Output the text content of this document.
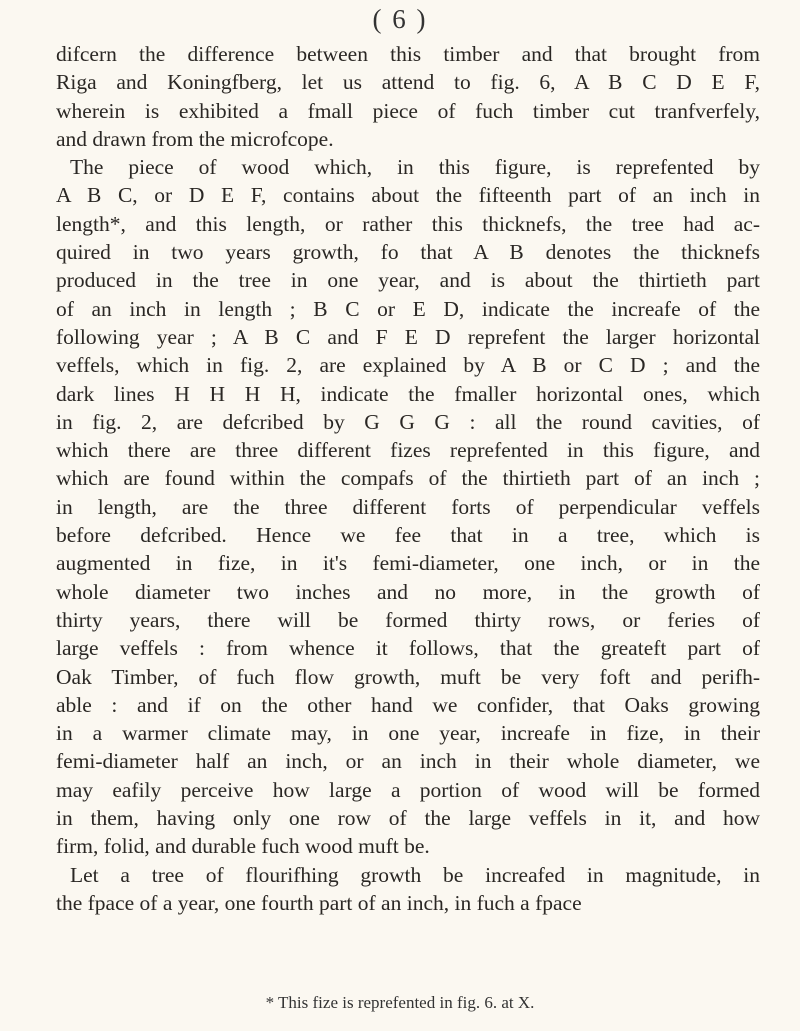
( 6 )
difcern the difference between this timber and that brought from
Riga and Koningfberg, let us attend to fig. 6, A B C D E F,
wherein is exhibited a fmall piece of fuch timber cut tranfverfely,
and drawn from the microfcope.
The piece of wood which, in this figure, is reprefented by
A B C, or D E F, contains about the fifteenth part of an inch in
length*, and this length, or rather this thicknefs, the tree had ac-
quired in two years growth, fo that A B denotes the thicknefs
produced in the tree in one year, and is about the thirtieth part
of an inch in length ; B C or E D, indicate the increafe of the
following year ; A B C and F E D reprefent the larger horizontal
veffels, which in fig. 2, are explained by A B or C D ; and the
dark lines H H H H, indicate the fmaller horizontal ones, which
in fig. 2, are defcribed by G G G : all the round cavities, of
which there are three different fizes reprefented in this figure, and
which are found within the compafs of the thirtieth part of an inch ;
in length, are the three different forts of perpendicular veffels
before defcribed. Hence we fee that in a tree, which is
augmented in fize, in it's femi-diameter, one inch, or in the
whole diameter two inches and no more, in the growth of
thirty years, there will be formed thirty rows, or feries of
large veffels : from whence it follows, that the greateft part of
Oak Timber, of fuch flow growth, muft be very foft and perifh-
able : and if on the other hand we confider, that Oaks growing
in a warmer climate may, in one year, increafe in fize, in their
femi-diameter half an inch, or an inch in their whole diameter, we
may eafily perceive how large a portion of wood will be formed
in them, having only one row of the large veffels in it, and how
firm, folid, and durable fuch wood muft be.
Let a tree of flourifhing growth be increafed in magnitude, in
the fpace of a year, one fourth part of an inch, in fuch a fpace
* This fize is reprefented in fig. 6. at X.
